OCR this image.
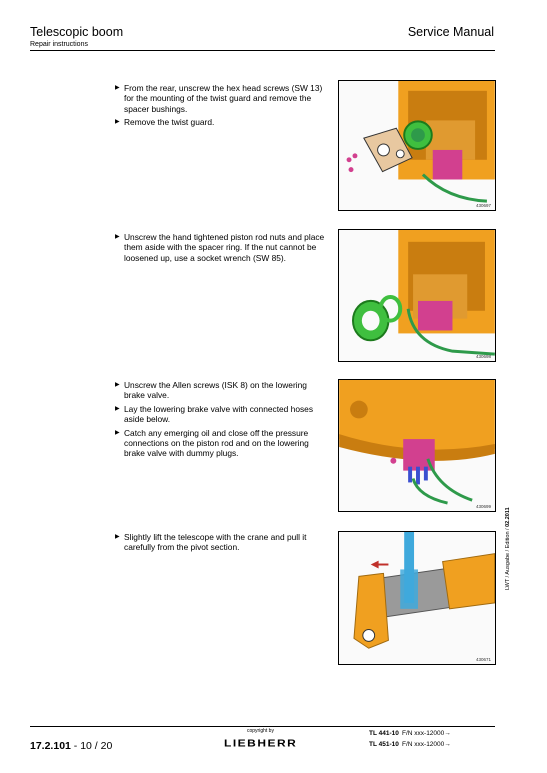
Telescopic boom
Repair instructions
Service Manual
▶ From the rear, unscrew the hex head screws (SW 13) for the mounting of the twist guard and remove the spacer bushings.
▶ Remove the twist guard.
430697
▶ Unscrew the hand tightened piston rod nuts and place them aside with the spacer ring. If the nut cannot be loosened up, use a socket wrench (SW 85).
430698
▶ Unscrew the Allen screws (ISK 8) on the lowering brake valve.
▶ Lay the lowering brake valve with connected hoses aside below.
▶ Catch any emerging oil and close off the pressure connections on the piston rod and on the lowering brake valve with dummy plugs.
430699
▶ Slightly lift the telescope with the crane and pull it carefully from the pivot section.
430671
LWT / Ausgabe / Edition / 02.2011
17.2.101 - 10 / 20
copyright by
LIEBHERR
TL 441-10 F/N xxx-12000→
TL 451-10 F/N xxx-12000→
